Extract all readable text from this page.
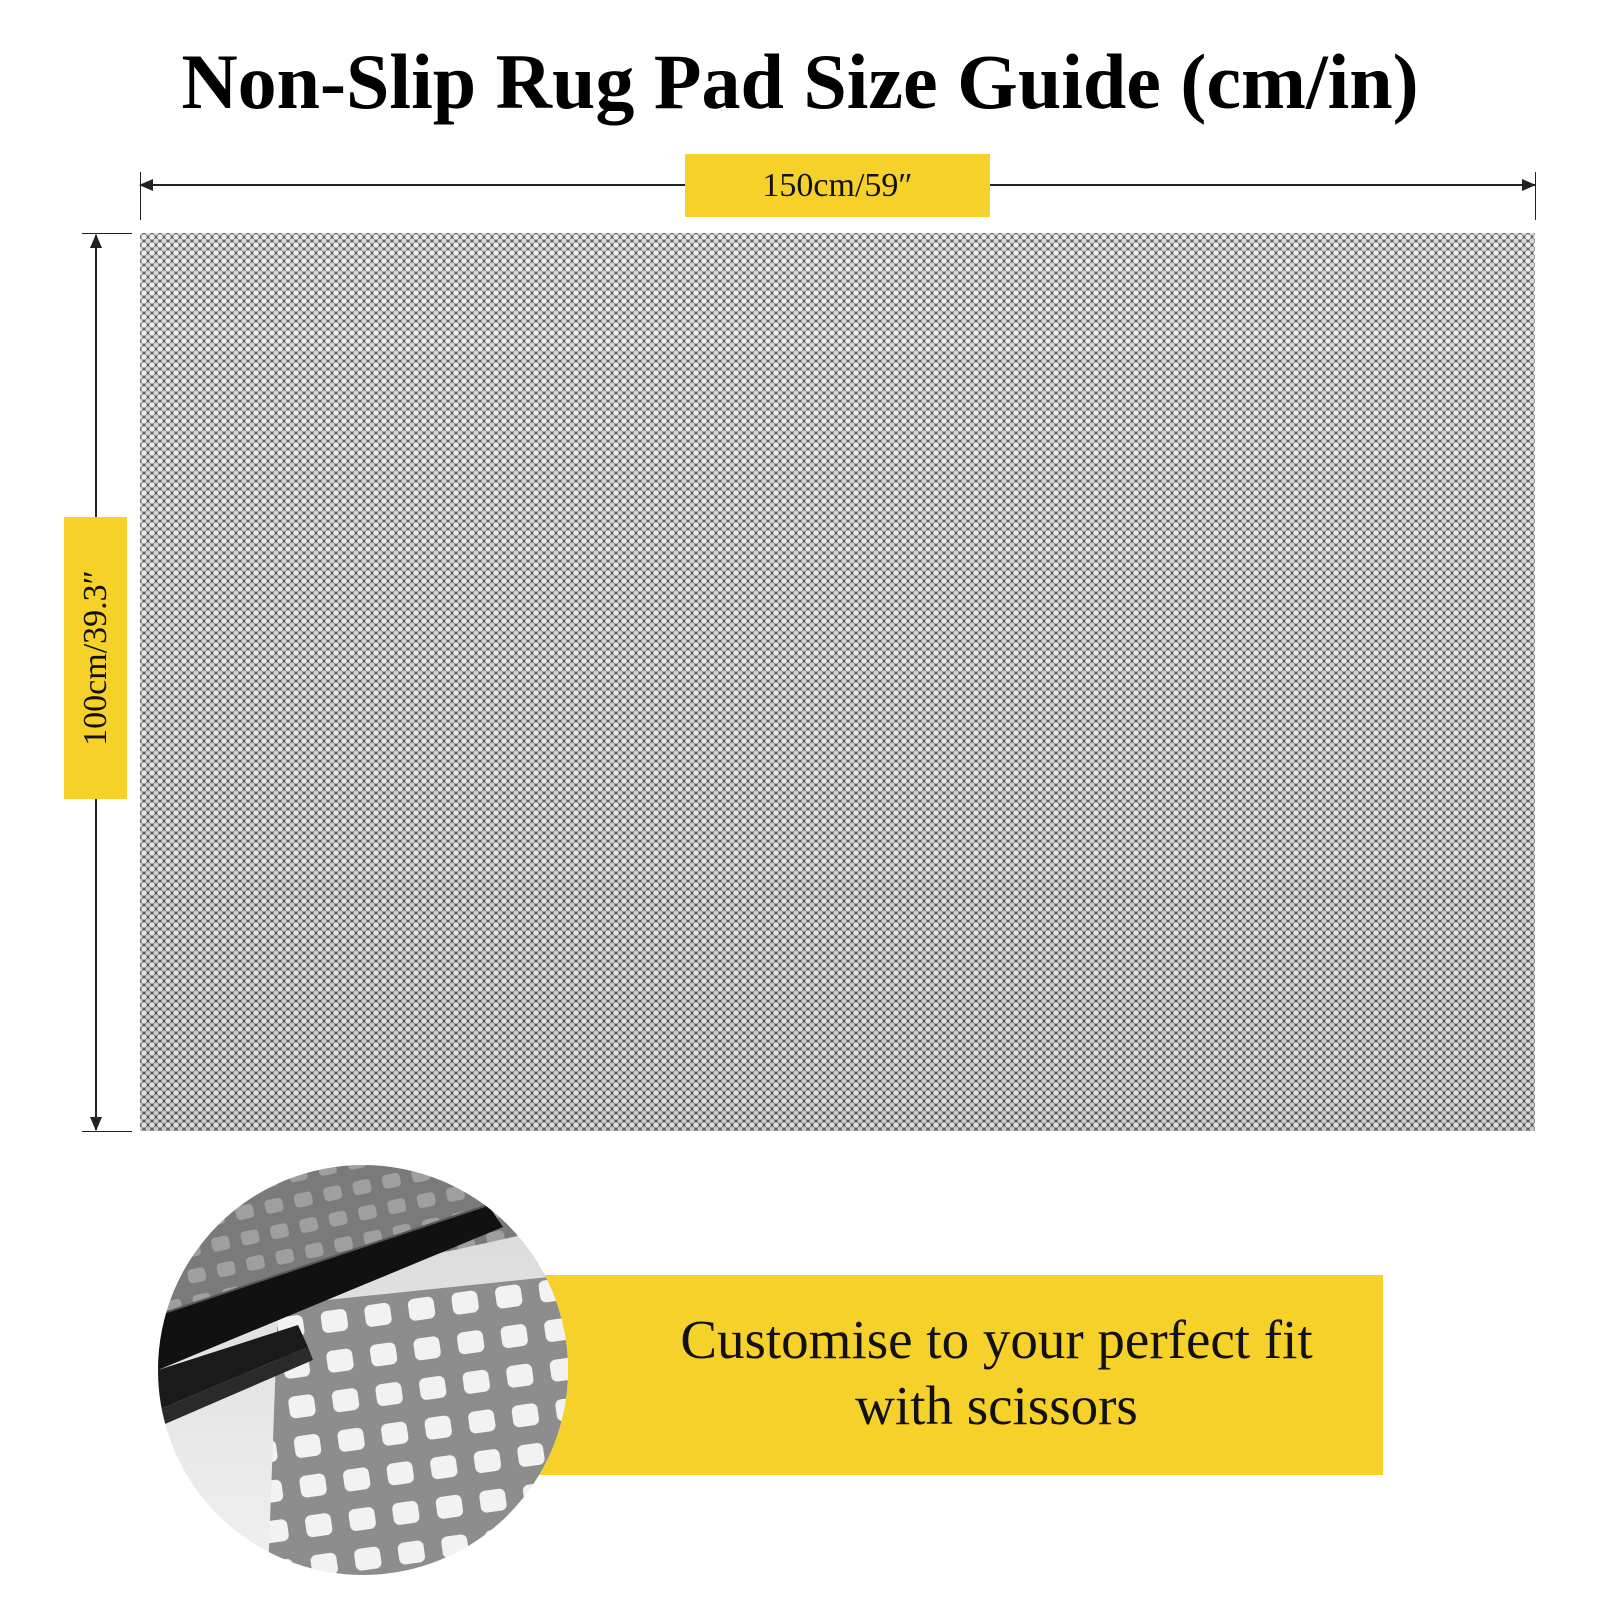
Non-Slip Rug Pad Size Guide (cm/in)
150cm/59″
100cm/39.3″
Customise to your perfect fit
with scissors
